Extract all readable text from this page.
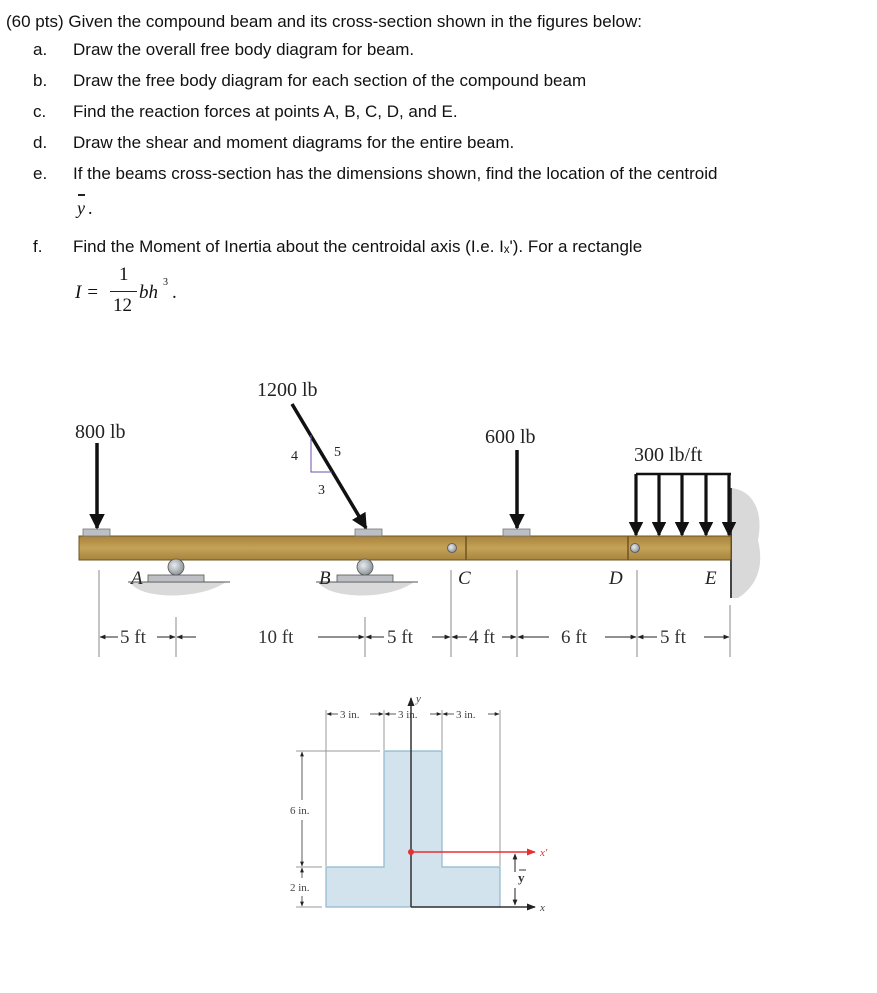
(60 pts) Given the compound beam and its cross-section shown in the figures below:
a. Draw the overall free body diagram for beam.
b. Draw the free body diagram for each section of the compound beam
c. Find the reaction forces at points A, B, C, D, and E.
d. Draw the shear and moment diagrams for the entire beam.
e. If the beams cross-section has the dimensions shown, find the location of the centroid
y .
f. Find the Moment of Inertia about the centroidal axis (I.e. Iₓ'). For a rectangle
I =
1
12
bh 3 .
A	B	C	D	E
800 lb
1200 lb
4	5
3
600 lb
300 lb/ft
5 ft	10 ft	5 ft	4 ft	6 ft	5 ft
3 in.	3 in.	3 in.
6 in.
2 in.
y
x
x'
y
